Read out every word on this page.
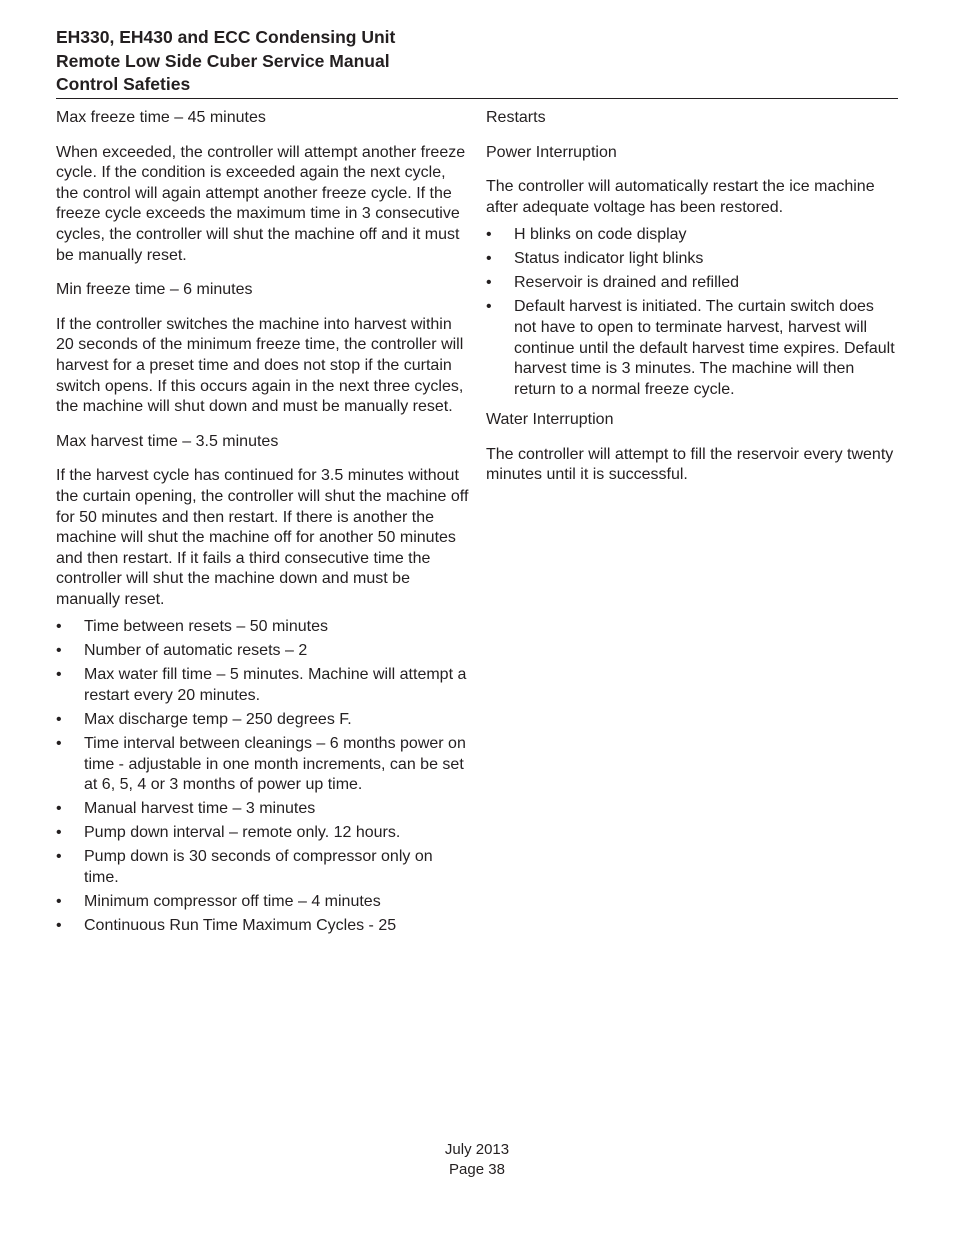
EH330, EH430 and ECC Condensing Unit
Remote Low Side Cuber Service Manual
Control Safeties

Max freeze time – 45 minutes

When exceeded, the controller will attempt another freeze cycle. If the condition is exceeded again the next cycle, the control will again attempt another freeze cycle. If the freeze cycle exceeds the maximum time in 3 consecutive cycles, the controller will shut the machine off and it must be manually reset.

Min freeze time – 6 minutes

If the controller switches the machine into harvest within 20 seconds of the minimum freeze time, the controller will harvest for a preset time and does not stop if the curtain switch opens. If this occurs again in the next three cycles, the machine will shut down and must be manually reset.

Max harvest time – 3.5 minutes

If the harvest cycle has continued for 3.5 minutes without the curtain opening, the controller will shut the machine off for 50 minutes and then restart. If there is another the machine will shut the machine off for another 50 minutes and then restart. If it fails a third consecutive time the controller will shut the machine down and must be manually reset.

• Time between resets – 50 minutes
• Number of automatic resets – 2
• Max water fill time – 5 minutes. Machine will attempt a restart every 20 minutes.
• Max discharge temp – 250 degrees F.
• Time interval between cleanings – 6 months power on time - adjustable in one month increments, can be set at 6, 5, 4 or 3 months of power up time.
• Manual harvest time – 3 minutes
• Pump down interval – remote only. 12 hours.
• Pump down is 30 seconds of compressor only on time.
• Minimum compressor off time – 4 minutes
• Continuous Run Time Maximum Cycles - 25

Restarts

Power Interruption

The controller will automatically restart the ice machine after adequate voltage has been restored.

• H blinks on code display
• Status indicator light blinks
• Reservoir is drained and refilled
• Default harvest is initiated. The curtain switch does not have to open to terminate harvest, harvest will continue until the default harvest time expires. Default harvest time is 3 minutes. The machine will then return to a normal freeze cycle.

Water Interruption

The controller will attempt to fill the reservoir every twenty minutes until it is successful.

July 2013
Page 38
